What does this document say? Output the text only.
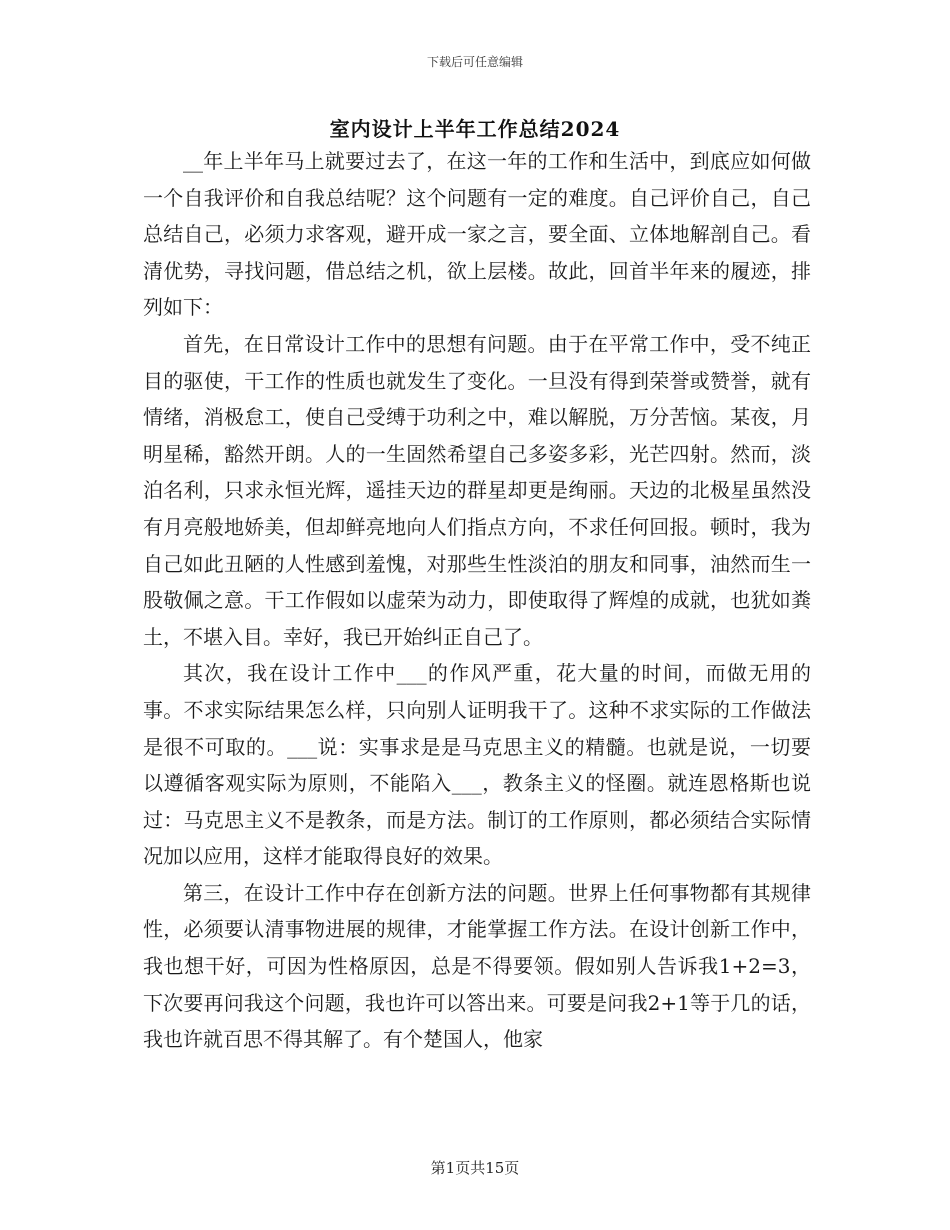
下载后可任意编辑
室内设计上半年工作总结2024

__年上半年马上就要过去了，在这一年的工作和生活中，到底应如何做一个自我评价和自我总结呢？这个问题有一定的难度。自己评价自己，自己总结自己，必须力求客观，避开成一家之言，要全面、立体地解剖自己。看清优势，寻找问题，借总结之机，欲上层楼。故此，回首半年来的履迹，排列如下：

首先，在日常设计工作中的思想有问题。由于在平常工作中，受不纯正目的驱使，干工作的性质也就发生了变化。一旦没有得到荣誉或赞誉，就有情绪，消极怠工，使自己受缚于功利之中，难以解脱，万分苦恼。某夜，月明星稀，豁然开朗。人的一生固然希望自己多姿多彩，光芒四射。然而，淡泊名利，只求永恒光辉，遥挂天边的群星却更是绚丽。天边的北极星虽然没有月亮般地娇美，但却鲜亮地向人们指点方向，不求任何回报。顿时，我为自己如此丑陋的人性感到羞愧，对那些生性淡泊的朋友和同事，油然而生一股敬佩之意。干工作假如以虚荣为动力，即使取得了辉煌的成就，也犹如粪土，不堪入目。幸好，我已开始纠正自己了。

其次，我在设计工作中___的作风严重，花大量的时间，而做无用的事。不求实际结果怎么样，只向别人证明我干了。这种不求实际的工作做法是很不可取的。___说：实事求是是马克思主义的精髓。也就是说，一切要以遵循客观实际为原则，不能陷入___，教条主义的怪圈。就连恩格斯也说过：马克思主义不是教条，而是方法。制订的工作原则，都必须结合实际情况加以应用，这样才能取得良好的效果。

第三，在设计工作中存在创新方法的问题。世界上任何事物都有其规律性，必须要认清事物进展的规律，才能掌握工作方法。在设计创新工作中，我也想干好，可因为性格原因，总是不得要领。假如别人告诉我1+2=3，下次要再问我这个问题，我也许可以答出来。可要是问我2+1等于几的话，我也许就百思不得其解了。有个楚国人，他家

第1页共15页
